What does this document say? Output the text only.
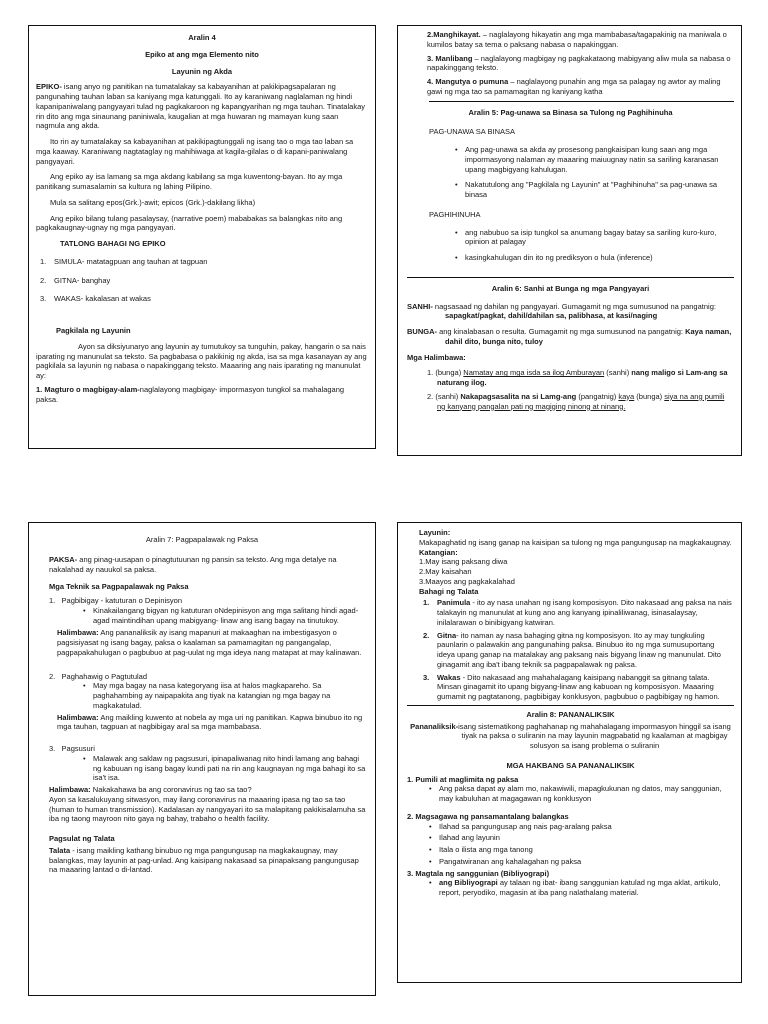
Aralin 4
Epiko at ang mga Elemento nito
Layunin ng Akda
EPIKO- isang anyo ng panitikan na tumatalakay sa kabayanihan at pakikipagsapalaran ng pangunahing tauhan laban sa kaniyang mga katunggali. Ito ay karaniwang naglalaman ng hindi kapanipaniwalang pangyayari tulad ng pagkakaroon ng kapangyarihan ng mga tauhan. Tinatalakay rin dito ang mga sinaunang paniniwala, kaugalian at mga huwaran ng mamayan kung saan nagmula ang akda.
Ito rin ay tumatalakay sa kabayanihan at pakikipagtunggali ng isang tao o mga tao laban sa mga kaaway. Karaniwang nagtataglay ng mahihiwaga at kagila-gilalas o di kapani-paniwalang pangyayari.
Ang epiko ay isa lamang sa mga akdang kabilang sa mga kuwentong-bayan. Ito ay mga panitikang sumasalamin sa kultura ng lahing Pilipino.
Mula sa salitang epos(Grk.)-awit; epicos (Grk.)-dakilang likha)
Ang epiko bilang tulang pasalaysay, (narrative poem) mababakas sa balangkas nito ang pagkakaugnay-ugnay ng mga pangyayari.
TATLONG BAHAGI NG EPIKO
1. SIMULA- matatagpuan ang tauhan at tagpuan
2. GITNA- banghay
3. WAKAS- kakalasan at wakas
Pagkilala ng Layunin
Ayon sa diksiyunaryo ang layunin ay tumutukoy sa tunguhin, pakay, hangarin o sa nais iparating ng manunulat sa teksto. Sa pagbabasa o pakikinig ng akda, isa sa mga kasanayan ay ang pagkilala sa layunin ng nabasa o napakinggang teksto. Maaaring ang nais iparating ng manunulat ay:
1. Magturo o magbigay-alam-naglalayong magbigay- impormasyon tungkol sa mahalagang paksa.
2.Manghikayat. – naglalayong hikayatin ang mga mambabasa/tagapakinig na maniwala o kumilos batay sa tema o paksang nabasa o napakinggan.
3. Manlibang – naglalayong magbigay ng pagkakataong mabigyang aliw mula sa nabasa o napakinggang teksto.
4. Mangutya o pumuna – naglalayong punahin ang mga sa palagay ng awtor ay maling gawi ng mga tao sa pamamagitan ng kaniyang katha
Aralin 5: Pag-unawa sa Binasa sa Tulong ng Paghihinuha
PAG-UNAWA SA BINASA
• Ang pag-unawa sa akda ay prosesong pangkaisipan kung saan ang mga impormasyong nalaman ay maaaring maiuugnay natin sa sariling karanasan upang magbigyang kahulugan.
• Nakatutulong ang "Pagkilala ng Layunin" at "Paghihinuha" sa pag-unawa sa binasa
PAGHIHINUHA
• ang nabubuo sa isip tungkol sa anumang bagay batay sa sariling kuro-kuro, opinion at palagay
• kasingkahulugan din ito ng prediksyon o hula (inference)
Aralin 6: Sanhi at Bunga ng mga Pangyayari
SANHI- nagsasaad ng dahilan ng pangyayari. Gumagamit ng mga sumusunod na pangatnig: sapagkat/pagkat, dahil/dahilan sa, palibhasa, at kasi/naging
BUNGA- ang kinalabasan o resulta. Gumagamit ng mga sumusunod na pangatnig: Kaya naman, dahil dito, bunga nito, tuloy
Mga Halimbawa:
1. (bunga) Namatay ang mga isda sa ilog Amburayan (sanhi) nang maligo si Lam-ang sa naturang ilog.
2. (sanhi) Nakapagsasalita na si Lamg-ang (pangatnig) kaya (bunga) siya na ang pumili ng kanyang pangalan pati ng magiging ninong at ninang.
Aralin 7: Pagpapalawak ng Paksa
PAKSA- ang pinag-uusapan o pinagtutuunan ng pansin sa teksto. Ang mga detalye na nakalahad ay nauukol sa paksa.
Mga Teknik sa Pagpapalawak ng Paksa
1.   Pagbibigay - katuturan o Depinisyon
• Kinakailangang bigyan ng katuturan oNdepinisyon ang mga salitang hindi agad-agad maintindihan upang mabigyang- linaw ang isang bagay na tinutukoy.
Halimbawa: Ang pananaliksik ay isang mapanuri at makaaghan na imbestigasyon o pagsisiyasat ng isang bagay, paksa o kaalaman sa pamamagitan ng pangangalap, pagpapakahulugan o pagbubuo at pag-uulat ng mga ideya nang matapat at may kalinawan.
2.   Paghahawig o Pagtutulad
• May mga bagay na nasa kategoryang iisa at halos magkapareho. Sa paghahambing ay naipapakita ang tiyak na katangian ng mga bagay na magkakatulad.
Halimbawa: Ang maikling kuwento at nobela ay mga uri ng panitikan. Kapwa binubuo ito ng mga tauhan, tagpuan at nagbibigay aral sa mga mambabasa.
3.   Pagsusuri
• Malawak ang saklaw ng pagsusuri, ipinapaliwanag nito hindi lamang ang bahagi ng kabuuan ng isang bagay kundi pati na rin ang kaugnayan ng mga bahagi ito sa isa't isa.
Halimbawa: Nakakahawa ba ang coronavirus ng tao sa tao?
Ayon sa kasalukuyang sitwasyon, may ilang coronavirus na maaaring ipasa ng tao sa tao (human to human transmission). Kadalasan ay nangyayari ito sa malapitang pakikisalamuha sa iba ng taong mayroon nito gaya ng bahay, trabaho o health facility.
Pagsulat ng Talata
Talata - isang maikling kathang binubuo ng mga pangungusap na magkakaugnay, may balangkas, may layunin at pag-unlad. Ang kaisipang nakasaad sa pinapaksang pangungusap na maaaring lantad o di-lantad.
Layunin:
Makapaghatid ng isang ganap na kaisipan sa tulong ng mga pangungusap na magkakaugnay.
Katangian:
1.May isang paksang diwa
2.May kaisahan
3.Maayos ang pagkakalahad
Bahagi ng Talata
1. Panimula - ito ay nasa unahan ng isang komposisyon. Dito nakasaad ang paksa na nais talakayin ng manunulat at kung ano ang kanyang ipinaliliwanag, isinasalaysay, inilalarawan o binibigyang katwiran.
2. Gitna- ito naman ay nasa bahaging gitna ng komposisyon. Ito ay may tungkuling paunlarin o palawakin ang pangunahing paksa. Binubuo ito ng mga sumusuportang ideya upang ganap na matalakay ang paksang nais bigyang linaw ng manunulat. Dito ginagamit ang iba't ibang teknik sa pagpapalawak ng paksa.
3. Wakas - Dito nakasaad ang mahahalagang kaisipang nabanggit sa gitnang talata. Minsan ginagamit ito upang bigyang-linaw ang kabuoan ng komposisyon. Maaaring gumamit ng pagtatanong, pagbibigay konklusyon, pagbubuo o pagbibigay ng hamon.
Aralin 8: PANANALIKSIK
Pananaliksik-isang sistematikong paghahanap ng mahahalagang impormasyon hinggil sa isang tiyak na paksa o suliranin na may layunin magpabatid ng kaalaman at magbigay solusyon sa isang problema o suliranin
MGA HAKBANG SA PANANALIKSIK
1. Pumili at maglimita ng paksa
• Ang paksa dapat ay alam mo, nakawiwili, mapagkukunan ng datos, may sanggunian, may kabuluhan at magagawan ng konklusyon
2. Magsagawa ng pansamantalang balangkas
• Ilahad sa pangungusap ang nais pag-aralang paksa
• Ilahad ang layunin
• Itala o ilista ang mga tanong
• Pangatwiranan ang kahalagahan ng paksa
3. Magtala ng sanggunian (Bibliyograpi)
• ang Bibliyograpi ay talaan ng ibat- ibang sanggunian katulad ng mga aklat, artikulo, report, peryodiko, magasin at iba pang nalathalang material.
